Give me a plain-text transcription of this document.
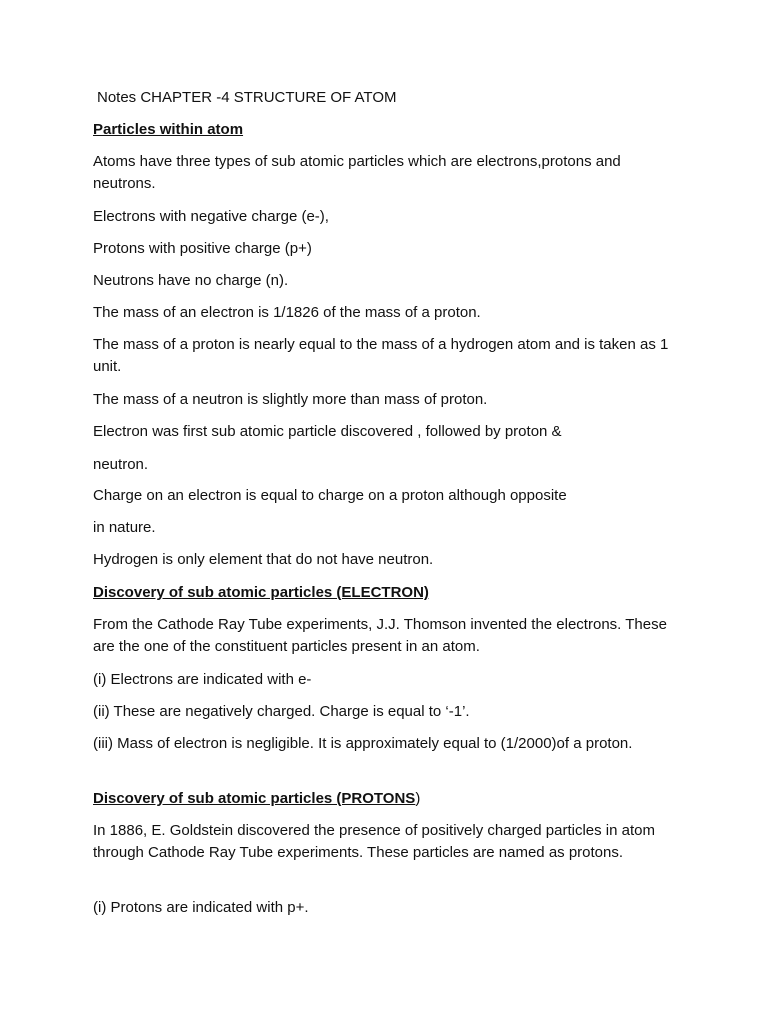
Notes CHAPTER -4 STRUCTURE OF ATOM
Particles within atom
Atoms have three types of sub atomic particles which are electrons,protons and neutrons.
Electrons with negative charge (e-),
Protons with positive charge (p+)
Neutrons have no charge (n).
The mass of an electron is 1/1826 of the mass of a proton.
The mass of a proton is nearly equal to the mass of a hydrogen atom and is taken as 1 unit.
The mass of a neutron is slightly more than mass of proton.
Electron was first sub atomic particle discovered , followed by proton &
neutron.
Charge on an electron is equal to charge on a proton although opposite
in nature.
Hydrogen is only element that do not have neutron.
Discovery of sub atomic particles (ELECTRON)
From the Cathode Ray Tube experiments, J.J. Thomson invented the electrons. These are the one of the constituent particles present in an atom.
(i) Electrons are indicated with e-
(ii) These are negatively charged. Charge is equal to ‘-1’.
(iii) Mass of electron is negligible. It is approximately equal to (1/2000)of a proton.
Discovery of sub atomic particles (PROTONS)
In 1886, E. Goldstein discovered the presence of positively charged particles in atom through Cathode Ray Tube experiments. These particles are named as protons.
(i) Protons are indicated with p+.
